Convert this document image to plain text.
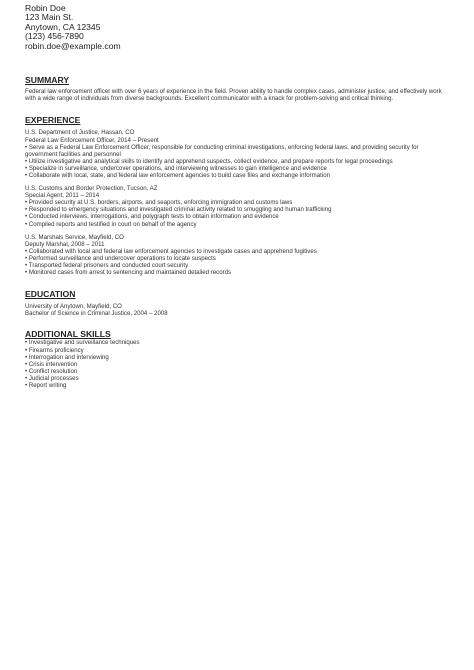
Robin Doe
123 Main St.
Anytown, CA 12345
(123) 456-7890
robin.doe@example.com
SUMMARY
Federal law enforcement officer with over 6 years of experience in the field. Proven ability to handle complex cases, administer justice, and effectively work with a wide range of individuals from diverse backgrounds. Excellent communicator with a knack for problem-solving and critical thinking.
EXPERIENCE
U.S. Department of Justice, Hassan, CO
Federal Law Enforcement Officer, 2014 – Present
• Serve as a Federal Law Enforcement Officer, responsible for conducting criminal investigations, enforcing federal laws, and providing security for government facilities and personnel
• Utilize investigative and analytical skills to identify and apprehend suspects, collect evidence, and prepare reports for legal proceedings
• Specialize in surveillance, undercover operations, and interviewing witnesses to gain intelligence and evidence
• Collaborate with local, state, and federal law enforcement agencies to build case files and exchange information
U.S. Customs and Border Protection, Tucson, AZ
Special Agent, 2011 – 2014
• Provided security at U.S. borders, airports, and seaports, enforcing immigration and customs laws
• Responded to emergency situations and investigated criminal activity related to smuggling and human trafficking
• Conducted interviews, interrogations, and polygraph tests to obtain information and evidence
• Compiled reports and testified in court on behalf of the agency
U.S. Marshals Service, Mayfield, CO
Deputy Marshal, 2008 – 2011
• Collaborated with local and federal law enforcement agencies to investigate cases and apprehend fugitives
• Performed surveillance and undercover operations to locate suspects
• Transported federal prisoners and conducted court security
• Monitored cases from arrest to sentencing and maintained detailed records
EDUCATION
University of Anytown, Mayfield, CO
Bachelor of Science in Criminal Justice, 2004 – 2008
ADDITIONAL SKILLS
• Investigative and surveillance techniques
• Firearms proficiency
• Interrogation and interviewing
• Crisis intervention
• Conflict resolution
• Judicial processes
• Report writing
